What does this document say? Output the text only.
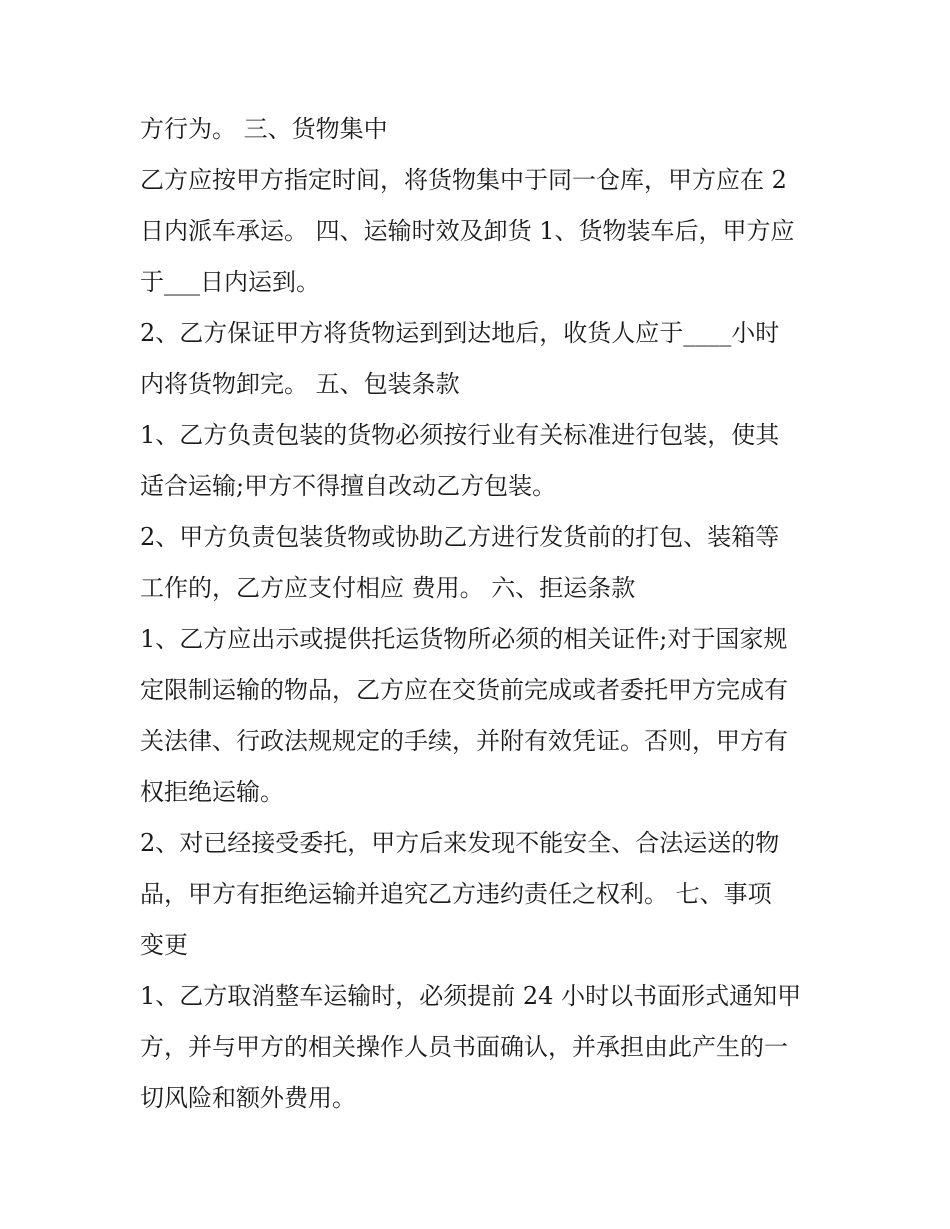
方行为。 三、货物集中
乙方应按甲方指定时间，将货物集中于同一仓库，甲方应在 2
日内派车承运。 四、运输时效及卸货 1、货物装车后，甲方应
于___日内运到。
2、乙方保证甲方将货物运到到达地后，收货人应于____小时
内将货物卸完。 五、包装条款
1、乙方负责包装的货物必须按行业有关标准进行包装，使其
适合运输;甲方不得擅自改动乙方包装。
2、甲方负责包装货物或协助乙方进行发货前的打包、装箱等
工作的，乙方应支付相应 费用。 六、拒运条款
1、乙方应出示或提供托运货物所必须的相关证件;对于国家规
定限制运输的物品，乙方应在交货前完成或者委托甲方完成有
关法律、行政法规规定的手续，并附有效凭证。否则，甲方有
权拒绝运输。
2、对已经接受委托，甲方后来发现不能安全、合法运送的物
品，甲方有拒绝运输并追究乙方违约责任之权利。 七、事项
变更
1、乙方取消整车运输时，必须提前 24 小时以书面形式通知甲
方，并与甲方的相关操作人员书面确认，并承担由此产生的一
切风险和额外费用。
